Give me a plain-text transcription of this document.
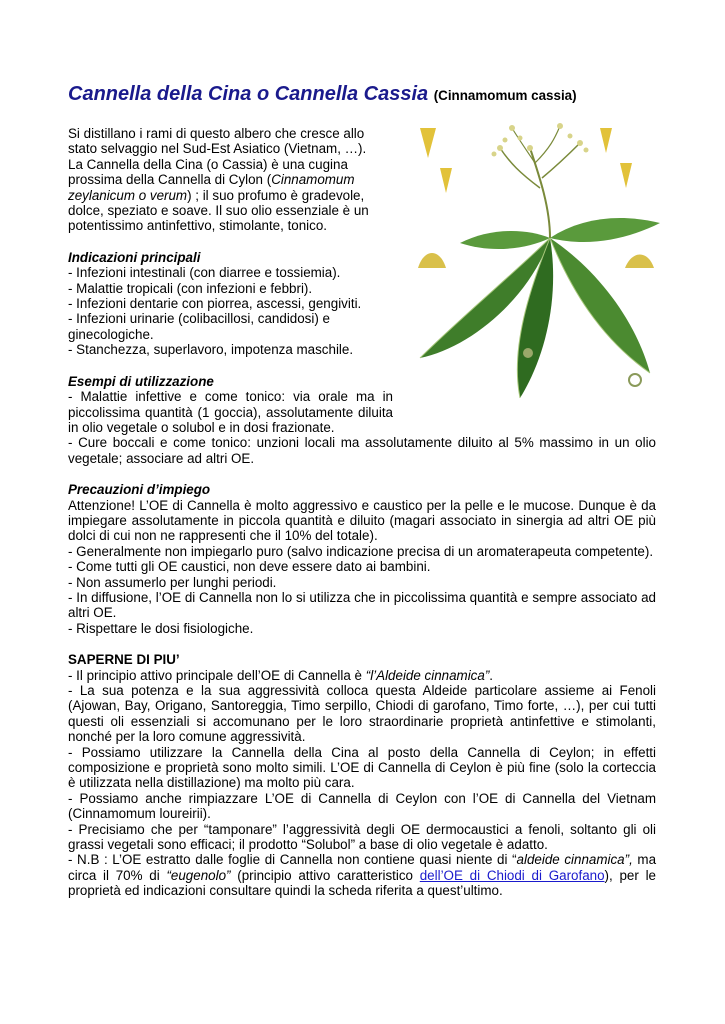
Cannella della Cina o Cannella Cassia (Cinnamomum cassia)

Si distillano i rami di questo albero che cresce allo stato selvaggio nel Sud-Est Asiatico (Vietnam, …). La Cannella della Cina (o Cassia) è una cugina prossima della Cannella di Cylon (Cinnamomum zeylanicum o verum) ; il suo profumo è gradevole, dolce, speziato e soave. Il suo olio essenziale è un potentissimo antinfettivo, stimolante, tonico.

Indicazioni principali

- Infezioni intestinali (con diarree e tossiemia).

- Malattie tropicali (con infezioni e febbri).

- Infezioni dentarie con piorrea, ascessi, gengiviti.

- Infezioni urinarie (colibacillosi, candidosi) e ginecologiche.

- Stanchezza, superlavoro, impotenza maschile.

Esempi di utilizzazione

- Malattie infettive e come tonico: via orale ma in piccolissima quantità (1 goccia), assolutamente diluita in olio vegetale o solubol e in dosi frazionate.

- Cure boccali e come tonico: unzioni locali ma assolutamente diluito al 5% massimo in un olio vegetale; associare ad altri OE.

Precauzioni d’impiego

Attenzione! L’OE di Cannella è molto aggressivo e caustico per la pelle e le mucose. Dunque è da impiegare assolutamente in piccola quantità e diluito (magari associato in sinergia ad altri OE più dolci di cui non ne rappresenti che il 10% del totale).

- Generalmente non impiegarlo puro (salvo indicazione precisa di un aromaterapeuta competente).

- Come tutti gli OE caustici, non deve essere dato ai bambini.

- Non assumerlo per lunghi periodi.

- In diffusione, l’OE di Cannella non lo si utilizza che in piccolissima quantità e sempre associato ad altri OE.

- Rispettare le dosi fisiologiche.

SAPERNE DI PIU’

- Il principio attivo principale dell’OE di Cannella è “l’Aldeide cinnamica”.

- La sua potenza e la sua aggressività colloca questa Aldeide particolare assieme ai Fenoli (Ajowan, Bay, Origano, Santoreggia, Timo serpillo, Chiodi di garofano, Timo forte, …), per cui tutti questi oli essenziali si accomunano per le loro straordinarie proprietà antinfettive e stimolanti, nonché per la loro comune aggressività.

- Possiamo utilizzare la Cannella della Cina al posto della Cannella di Ceylon; in effetti composizione e proprietà sono molto simili. L’OE di Cannella di Ceylon è più fine (solo la corteccia è utilizzata nella distillazione) ma molto più cara.

- Possiamo anche rimpiazzare L’OE di Cannella di Ceylon con l’OE di Cannella del Vietnam (Cinnamomum loureirii).

- Precisiamo che per “tamponare” l’aggressività degli OE dermocaustici a fenoli, soltanto gli oli grassi vegetali sono efficaci; il prodotto “Solubol” a base di olio vegetale è adatto.

- N.B : L’OE estratto dalle foglie di Cannella non contiene quasi niente di “aldeide cinnamica”, ma circa il 70% di “eugenolo” (principio attivo caratteristico dell’OE di Chiodi di Garofano), per le proprietà ed indicazioni consultare quindi la scheda riferita a quest’ultimo.
